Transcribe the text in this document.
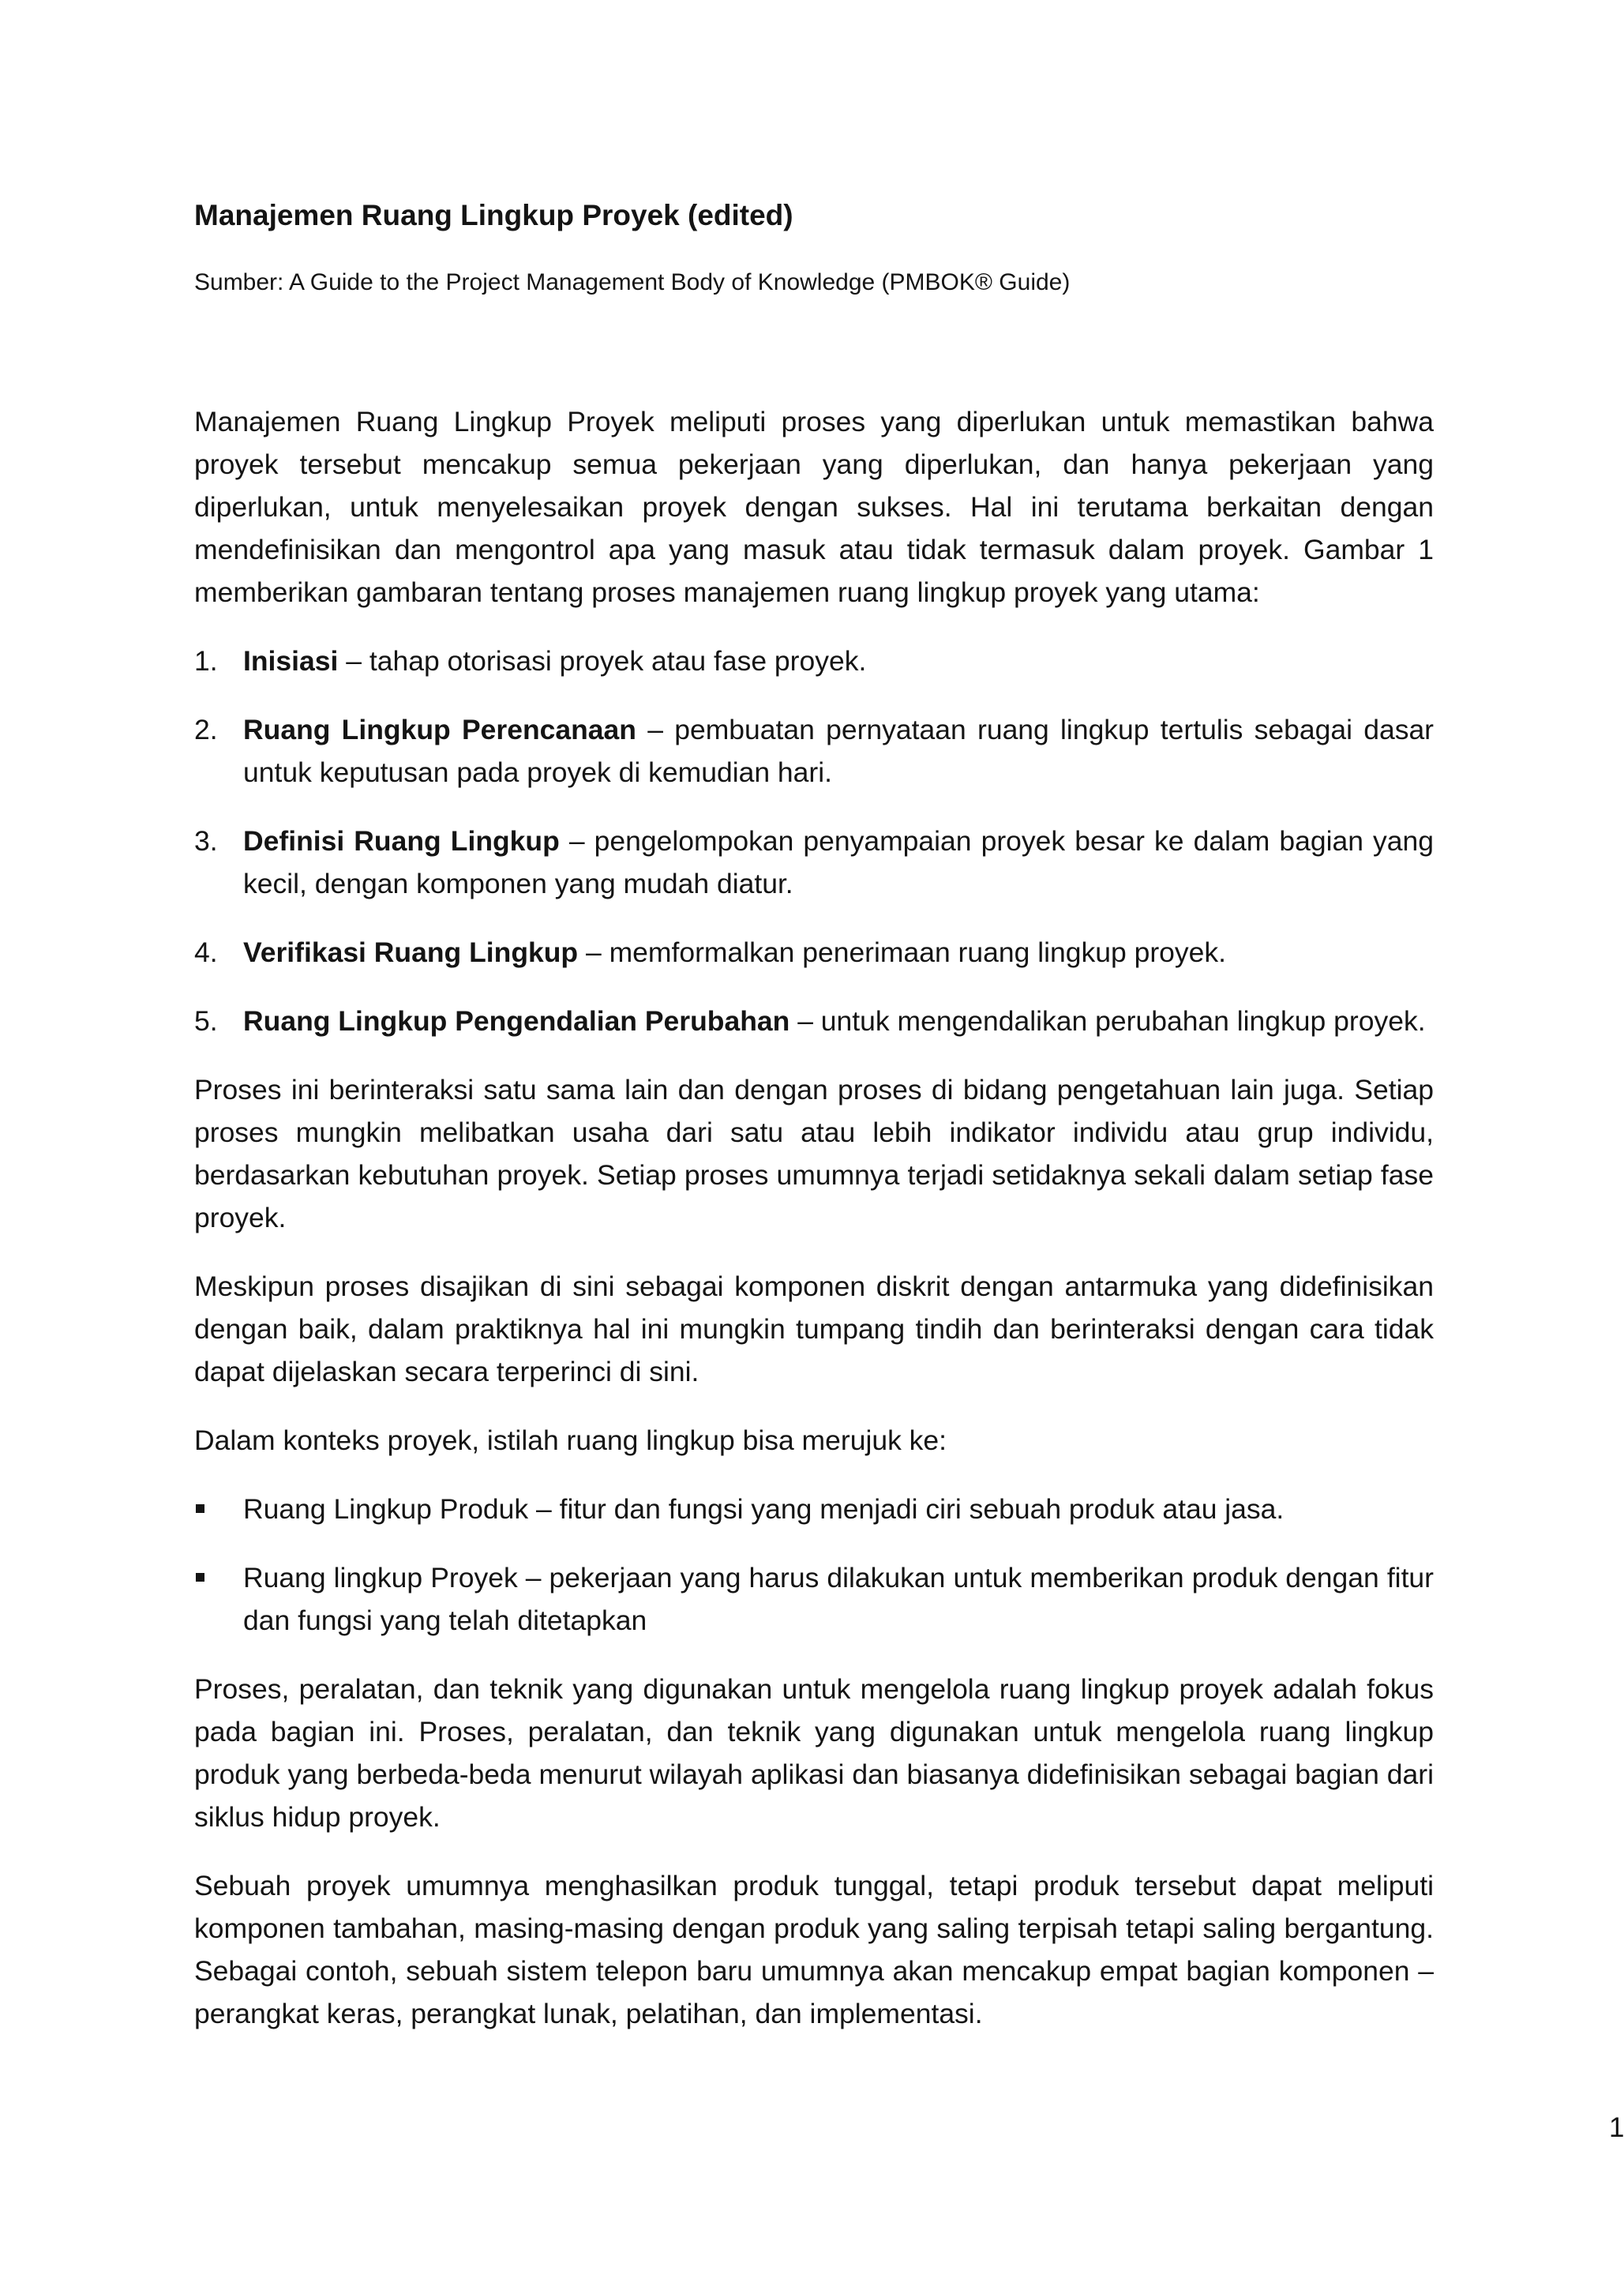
Manajemen Ruang Lingkup Proyek (edited)

Sumber: A Guide to the Project Management Body of Knowledge (PMBOK® Guide)

Manajemen Ruang Lingkup Proyek meliputi proses yang diperlukan untuk memastikan bahwa proyek tersebut mencakup semua pekerjaan yang diperlukan, dan hanya pekerjaan yang diperlukan, untuk menyelesaikan proyek dengan sukses. Hal ini terutama berkaitan dengan mendefinisikan dan mengontrol apa yang masuk atau tidak termasuk dalam proyek. Gambar 1 memberikan gambaran tentang proses manajemen ruang lingkup proyek yang utama:

1. Inisiasi – tahap otorisasi proyek atau fase proyek.
2. Ruang Lingkup Perencanaan – pembuatan pernyataan ruang lingkup tertulis sebagai dasar untuk keputusan pada proyek di kemudian hari.
3. Definisi Ruang Lingkup – pengelompokan penyampaian proyek besar ke dalam bagian yang kecil, dengan komponen yang mudah diatur.
4. Verifikasi Ruang Lingkup – memformalkan penerimaan ruang lingkup proyek.
5. Ruang Lingkup Pengendalian Perubahan – untuk mengendalikan perubahan lingkup proyek.

Proses ini berinteraksi satu sama lain dan dengan proses di bidang pengetahuan lain juga. Setiap proses mungkin melibatkan usaha dari satu atau lebih indikator individu atau grup individu, berdasarkan kebutuhan proyek. Setiap proses umumnya terjadi setidaknya sekali dalam setiap fase proyek.

Meskipun proses disajikan di sini sebagai komponen diskrit dengan antarmuka yang didefinisikan dengan baik, dalam praktiknya hal ini mungkin tumpang tindih dan berinteraksi dengan cara tidak dapat dijelaskan secara terperinci di sini.

Dalam konteks proyek, istilah ruang lingkup bisa merujuk ke:

Ruang Lingkup Produk – fitur dan fungsi yang menjadi ciri sebuah produk atau jasa.
Ruang lingkup Proyek – pekerjaan yang harus dilakukan untuk memberikan produk dengan fitur dan fungsi yang telah ditetapkan

Proses, peralatan, dan teknik yang digunakan untuk mengelola ruang lingkup proyek adalah fokus pada bagian ini. Proses, peralatan, dan teknik yang digunakan untuk mengelola ruang lingkup produk yang berbeda-beda menurut wilayah aplikasi dan biasanya didefinisikan sebagai bagian dari siklus hidup proyek.

Sebuah proyek umumnya menghasilkan produk tunggal, tetapi produk tersebut dapat meliputi komponen tambahan, masing-masing dengan produk yang saling terpisah tetapi saling bergantung. Sebagai contoh, sebuah sistem telepon baru umumnya akan mencakup empat bagian komponen – perangkat keras, perangkat lunak, pelatihan, dan implementasi.

1
